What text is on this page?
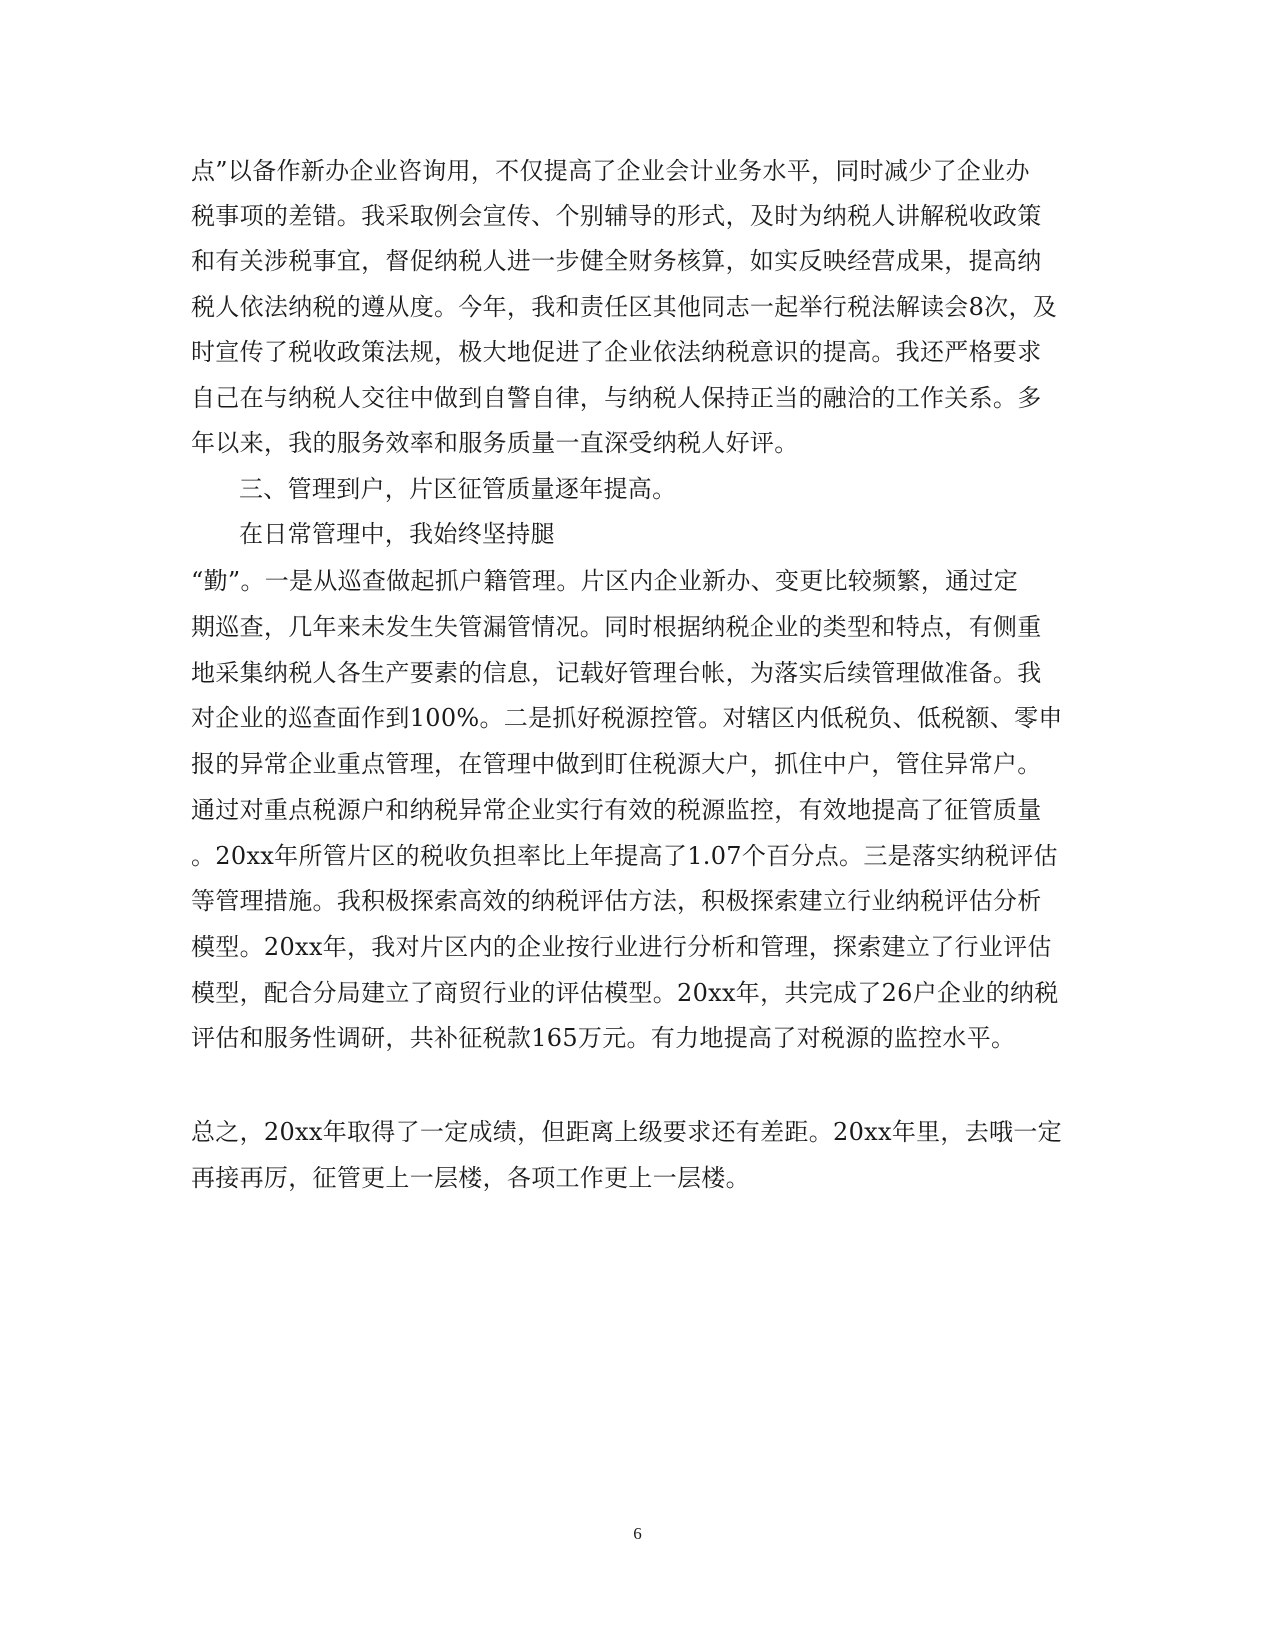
点”以备作新办企业咨询用，不仅提高了企业会计业务水平，同时减少了企业办
税事项的差错。我采取例会宣传、个别辅导的形式，及时为纳税人讲解税收政策
和有关涉税事宜，督促纳税人进一步健全财务核算，如实反映经营成果，提高纳
税人依法纳税的遵从度。今年，我和责任区其他同志一起举行税法解读会8次，及
时宣传了税收政策法规，极大地促进了企业依法纳税意识的提高。我还严格要求
自己在与纳税人交往中做到自警自律，与纳税人保持正当的融洽的工作关系。多
年以来，我的服务效率和服务质量一直深受纳税人好评。
三、管理到户，片区征管质量逐年提高。
在日常管理中，我始终坚持腿
“勤”。一是从巡查做起抓户籍管理。片区内企业新办、变更比较频繁，通过定
期巡查，几年来未发生失管漏管情况。同时根据纳税企业的类型和特点，有侧重
地采集纳税人各生产要素的信息，记载好管理台帐，为落实后续管理做准备。我
对企业的巡查面作到100%。二是抓好税源控管。对辖区内低税负、低税额、零申
报的异常企业重点管理，在管理中做到盯住税源大户，抓住中户，管住异常户。
通过对重点税源户和纳税异常企业实行有效的税源监控，有效地提高了征管质量
。20xx年所管片区的税收负担率比上年提高了1.07个百分点。三是落实纳税评估
等管理措施。我积极探索高效的纳税评估方法，积极探索建立行业纳税评估分析
模型。20xx年，我对片区内的企业按行业进行分析和管理，探索建立了行业评估
模型，配合分局建立了商贸行业的评估模型。20xx年，共完成了26户企业的纳税
评估和服务性调研，共补征税款165万元。有力地提高了对税源的监控水平。
总之，20xx年取得了一定成绩，但距离上级要求还有差距。20xx年里，去哦一定
再接再厉，征管更上一层楼，各项工作更上一层楼。
6
